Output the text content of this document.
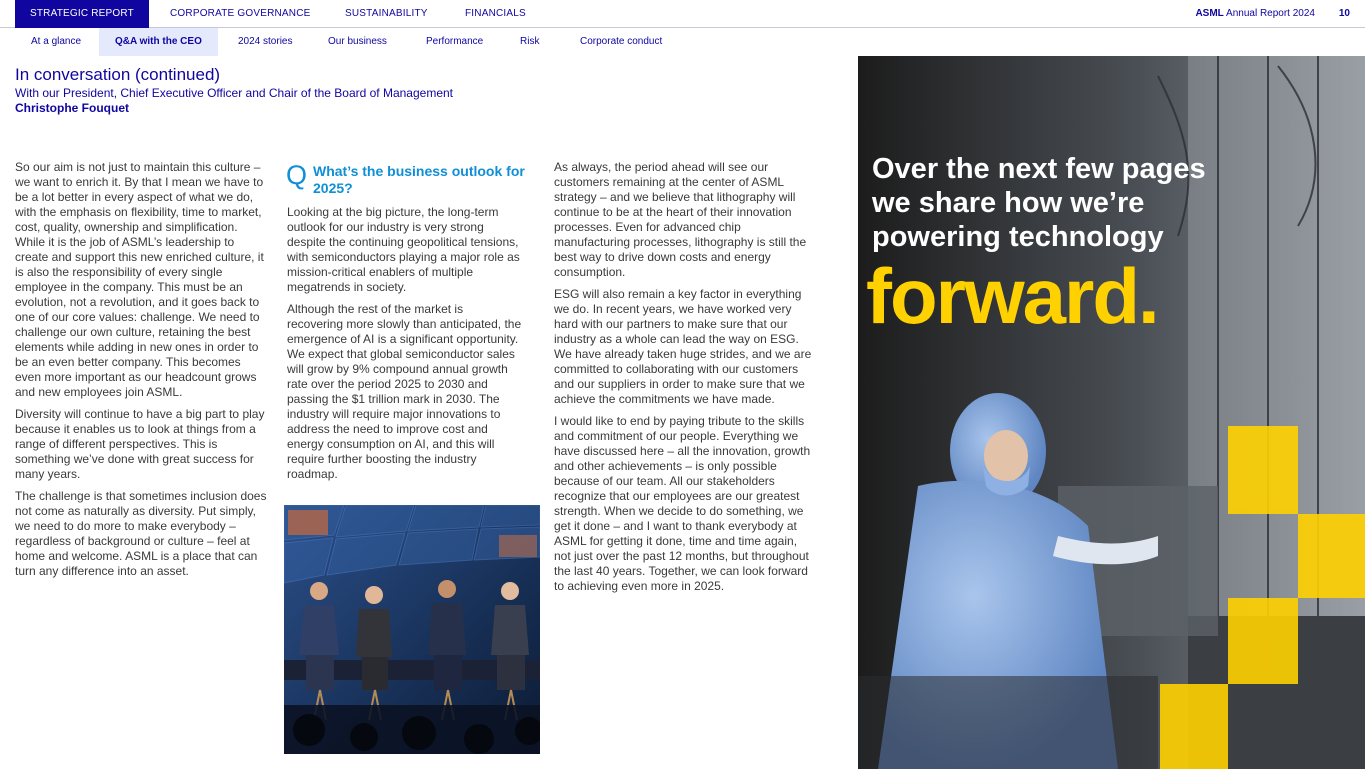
STRATEGIC REPORT	CORPORATE GOVERNANCE	SUSTAINABILITY	FINANCIALS	ASML Annual Report 2024 10
At a glance	Q&A with the CEO	2024 stories	Our business	Performance	Risk	Corporate conduct
In conversation (continued)
With our President, Chief Executive Officer and Chair of the Board of Management
Christophe Fouquet

So our aim is not just to maintain this culture – we want to enrich it. By that I mean we have to be a lot better in every aspect of what we do, with the emphasis on flexibility, time to market, cost, quality, ownership and simplification. While it is the job of ASML’s leadership to create and support this new enriched culture, it is also the responsibility of every single employee in the company. This must be an evolution, not a revolution, and it goes back to one of our core values: challenge. We need to challenge our own culture, retaining the best elements while adding in new ones in order to be an even better company. This becomes even more important as our headcount grows and new employees join ASML.

Diversity will continue to have a big part to play because it enables us to look at things from a range of different perspectives. This is something we’ve done with great success for many years.

The challenge is that sometimes inclusion does not come as naturally as diversity. Put simply, we need to do more to make everybody – regardless of background or culture – feel at home and welcome. ASML is a place that can turn any difference into an asset.

Q What’s the business outlook for 2025?

Looking at the big picture, the long-term outlook for our industry is very strong despite the continuing geopolitical tensions, with semiconductors playing a major role as mission-critical enablers of multiple megatrends in society.

Although the rest of the market is recovering more slowly than anticipated, the emergence of AI is a significant opportunity. We expect that global semiconductor sales will grow by 9% compound annual growth rate over the period 2025 to 2030 and passing the $1 trillion mark in 2030. The industry will require major innovations to address the need to improve cost and energy consumption on AI, and this will require further boosting the industry roadmap.

As always, the period ahead will see our customers remaining at the center of ASML strategy – and we believe that lithography will continue to be at the heart of their innovation processes. Even for advanced chip manufacturing processes, lithography is still the best way to drive down costs and energy consumption.

ESG will also remain a key factor in everything we do. In recent years, we have worked very hard with our partners to make sure that our industry as a whole can lead the way on ESG. We have already taken huge strides, and we are committed to collaborating with our customers and our suppliers in order to make sure that we achieve the commitments we have made.

I would like to end by paying tribute to the skills and commitment of our people. Everything we have discussed here – all the innovation, growth and other achievements – is only possible because of our team. All our stakeholders recognize that our employees are our greatest strength. When we decide to do something, we get it done – and I want to thank everybody at ASML for getting it done, time and time again, not just over the past 12 months, but throughout the last 40 years. Together, we can look forward to achieving even more in 2025.

Over the next few pages we share how we’re powering technology
forward.
